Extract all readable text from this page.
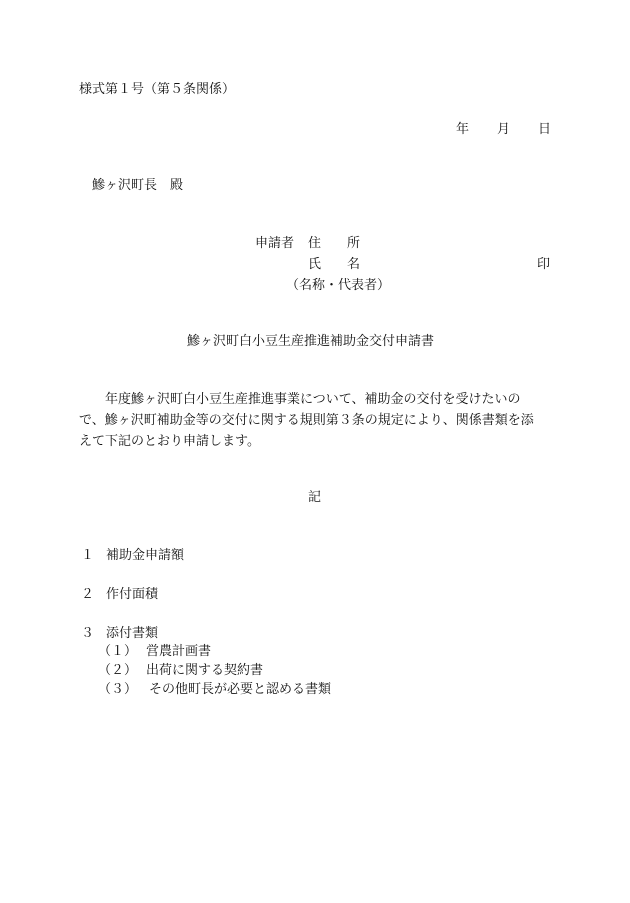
様式第１号（第５条関係）
年 月 日
鰺ヶ沢町長　殿
申請者 住　　所
氏　　名	印
（名称・代表者）
鰺ヶ沢町白小豆生産推進補助金交付申請書
　　年度鰺ヶ沢町白小豆生産推進事業について、補助金の交付を受けたいの
で、鰺ヶ沢町補助金等の交付に関する規則第３条の規定により、関係書類を添
えて下記のとおり申請します。
記
１ 補助金申請額
２ 作付面積
３ 添付書類
（１） 営農計画書
（２） 出荷に関する契約書
（３） その他町長が必要と認める書類
